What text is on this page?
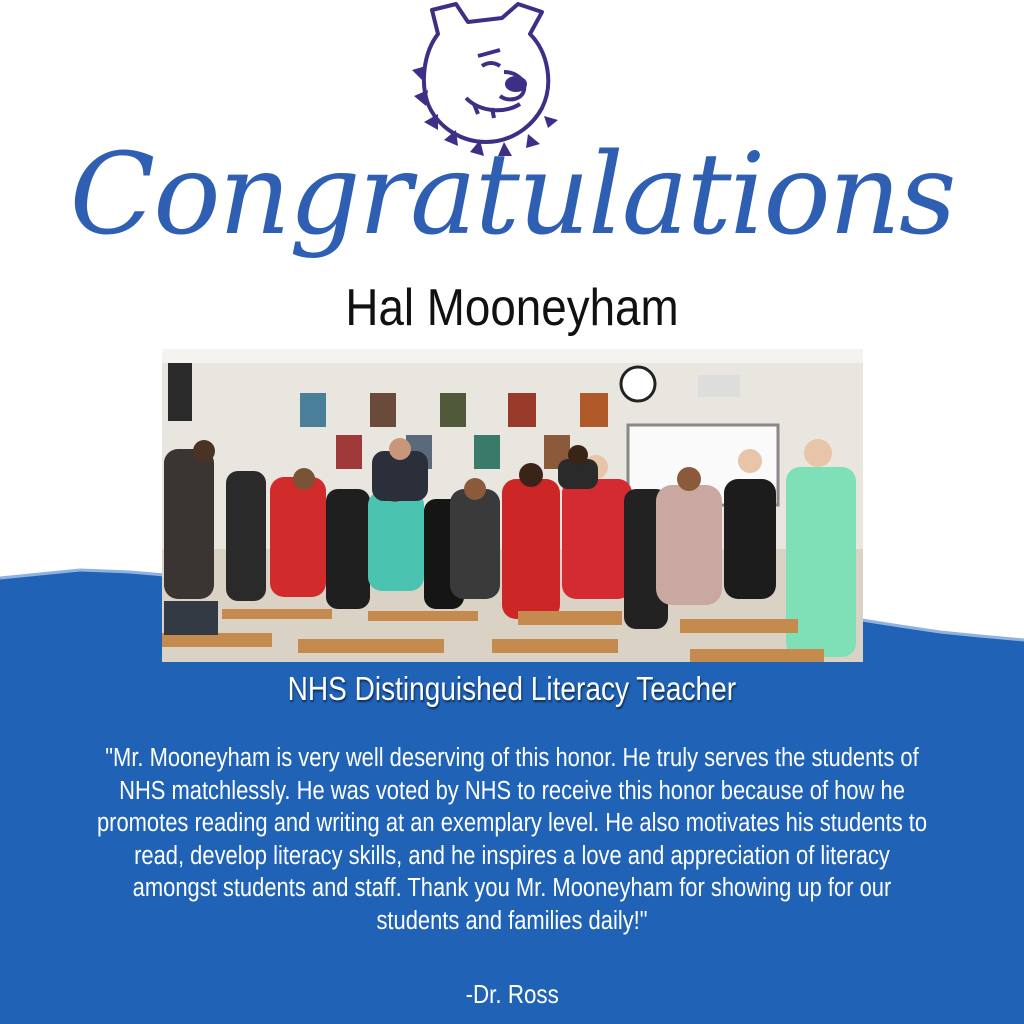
Congratulations
Hal Mooneyham
NHS Distinguished Literacy Teacher
"Mr. Mooneyham is very well deserving of this honor. He truly serves the students of NHS matchlessly. He was voted by NHS to receive this honor because of how he promotes reading and writing at an exemplary level. He also motivates his students to read, develop literacy skills, and he inspires a love and appreciation of literacy amongst students and staff. Thank you Mr. Mooneyham for showing up for our students and families daily!"
-Dr. Ross
